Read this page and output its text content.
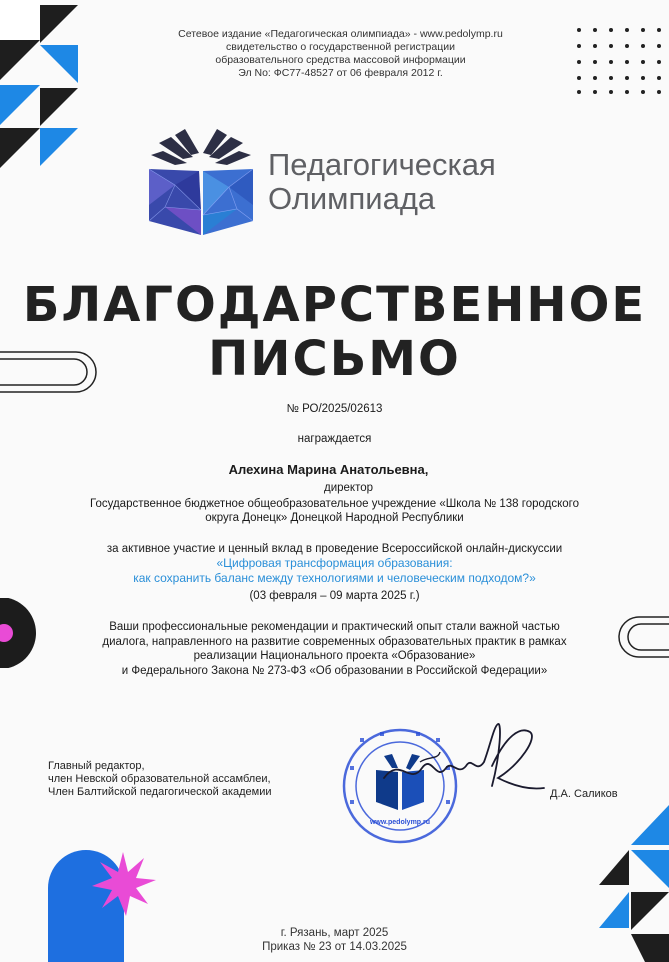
Сетевое издание «Педагогическая олимпиада» - www.pedolymp.ru
свидетельство о государственной регистрации
образовательного средства массовой информации
Эл No: ФС77-48527 от 06 февраля 2012 г.
Педагогическая
Олимпиада
БЛАГОДАРСТВЕННОЕ
ПИСЬМО
№ РО/2025/02613
награждается
Алехина Марина Анатольевна,
директор
Государственное бюджетное общеобразовательное учреждение «Школа № 138 городского
округа Донецк» Донецкой Народной Республики
за активное участие и ценный вклад в проведение Всероссийской онлайн-дискуссии
«Цифровая трансформация образования:
как сохранить баланс между технологиями и человеческим подходом?»
(03 февраля – 09 марта 2025 г.)
Ваши профессиональные рекомендации и практический опыт стали важной частью
диалога, направленного на развитие современных образовательных практик в рамках
реализации Национального проекта «Образование»
и Федерального Закона № 273-ФЗ «Об образовании в Российской Федерации»
Главный редактор,
член Невской образовательной ассамблеи,
Член Балтийской педагогической академии
www.pedolymp.ru
Д.А. Саликов
г. Рязань, март 2025
Приказ № 23 от 14.03.2025
